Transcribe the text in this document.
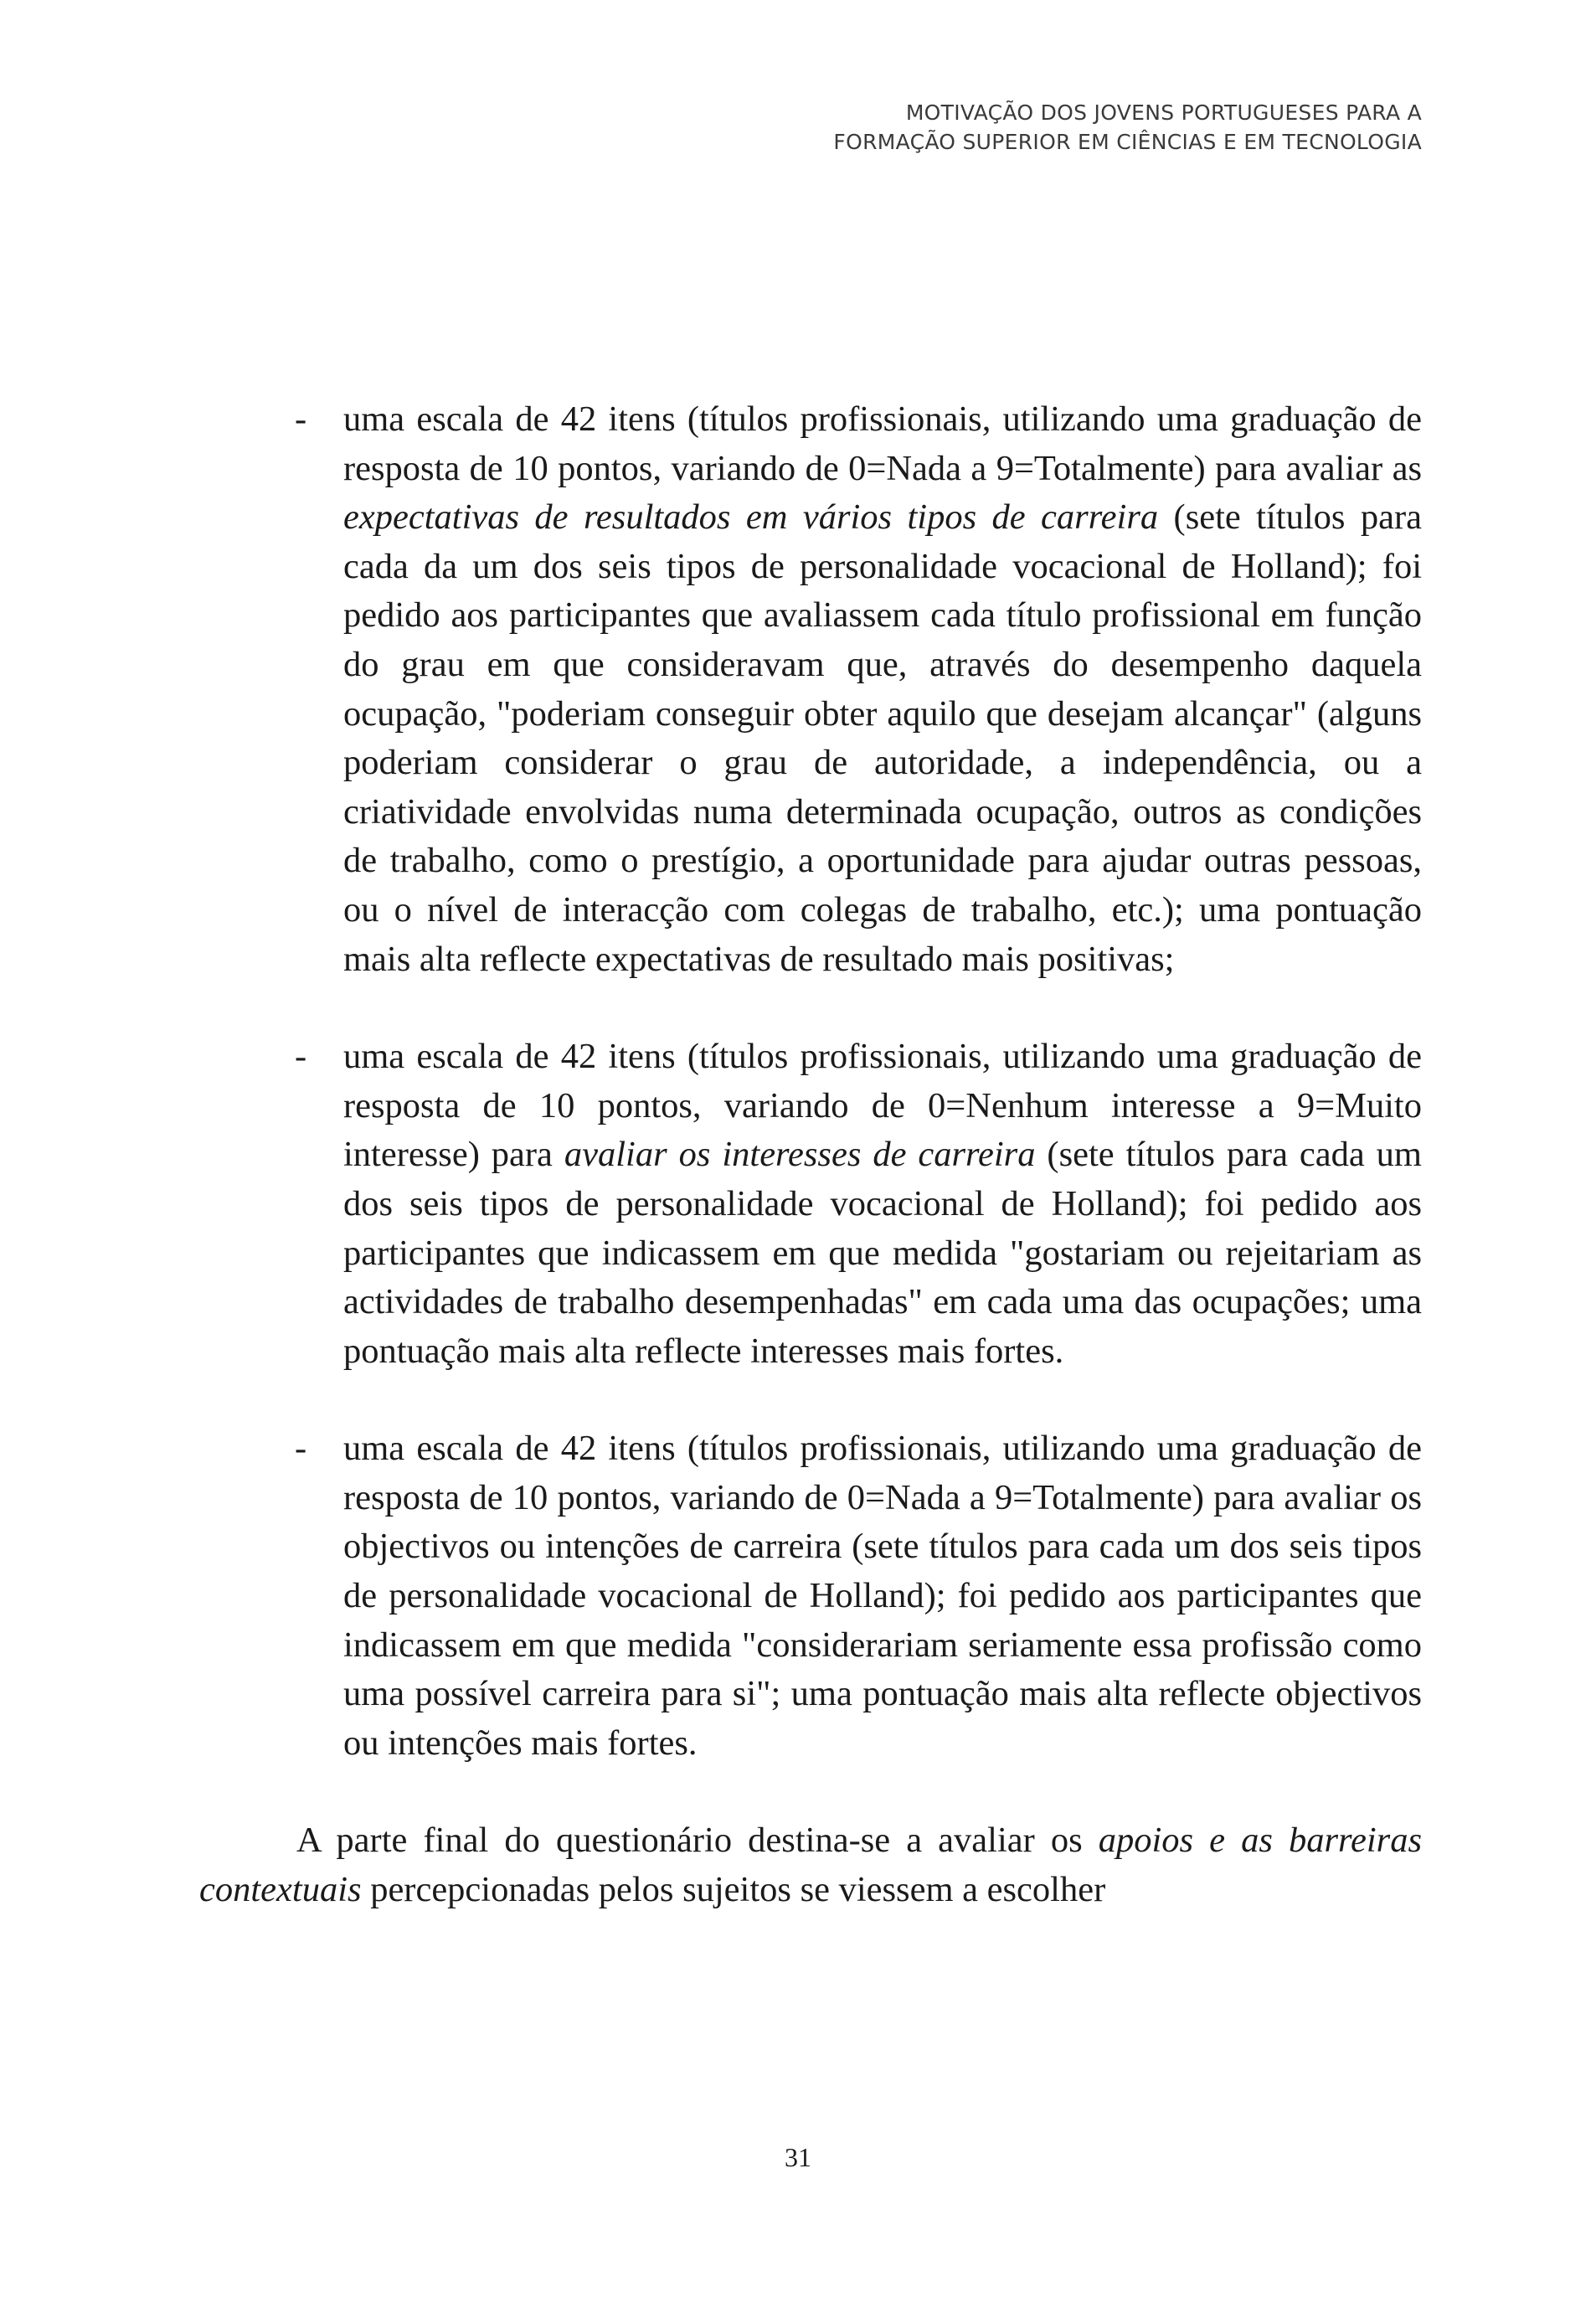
MOTIVAÇÃO DOS JOVENS PORTUGUESES PARA A
FORMAÇÃO SUPERIOR EM CIÊNCIAS E EM TECNOLOGIA
- uma escala de 42 itens (títulos profissionais, utilizando uma graduação de resposta de 10 pontos, variando de 0=Nada a 9=Totalmente) para avaliar as expectativas de resultados em vários tipos de carreira (sete títulos para cada da um dos seis tipos de personalidade vocacional de Holland); foi pedido aos participantes que avaliassem cada título profissional em função do grau em que consideravam que, através do desempenho daquela ocupação, "poderiam conseguir obter aquilo que desejam alcançar" (alguns poderiam considerar o grau de autoridade, a independência, ou a criatividade envolvidas numa determinada ocupação, outros as condições de trabalho, como o prestígio, a oportunidade para ajudar outras pessoas, ou o nível de interacção com colegas de trabalho, etc.); uma pontuação mais alta reflecte expectativas de resultado mais positivas;

- uma escala de 42 itens (títulos profissionais, utilizando uma graduação de resposta de 10 pontos, variando de 0=Nenhum interesse a 9=Muito interesse) para avaliar os interesses de carreira (sete títulos para cada um dos seis tipos de personalidade vocacional de Holland); foi pedido aos participantes que indicassem em que medida "gostariam ou rejeitariam as actividades de trabalho desempenhadas" em cada uma das ocupações; uma pontuação mais alta reflecte interesses mais fortes.

- uma escala de 42 itens (títulos profissionais, utilizando uma graduação de resposta de 10 pontos, variando de 0=Nada a 9=Totalmente) para avaliar os objectivos ou intenções de carreira (sete títulos para cada um dos seis tipos de personalidade vocacional de Holland); foi pedido aos participantes que indicassem em que medida "considerariam seriamente essa profissão como uma possível carreira para si"; uma pontuação mais alta reflecte objectivos ou intenções mais fortes.

A parte final do questionário destina-se a avaliar os apoios e as barreiras contextuais percepcionadas pelos sujeitos se viessem a escolher

31
